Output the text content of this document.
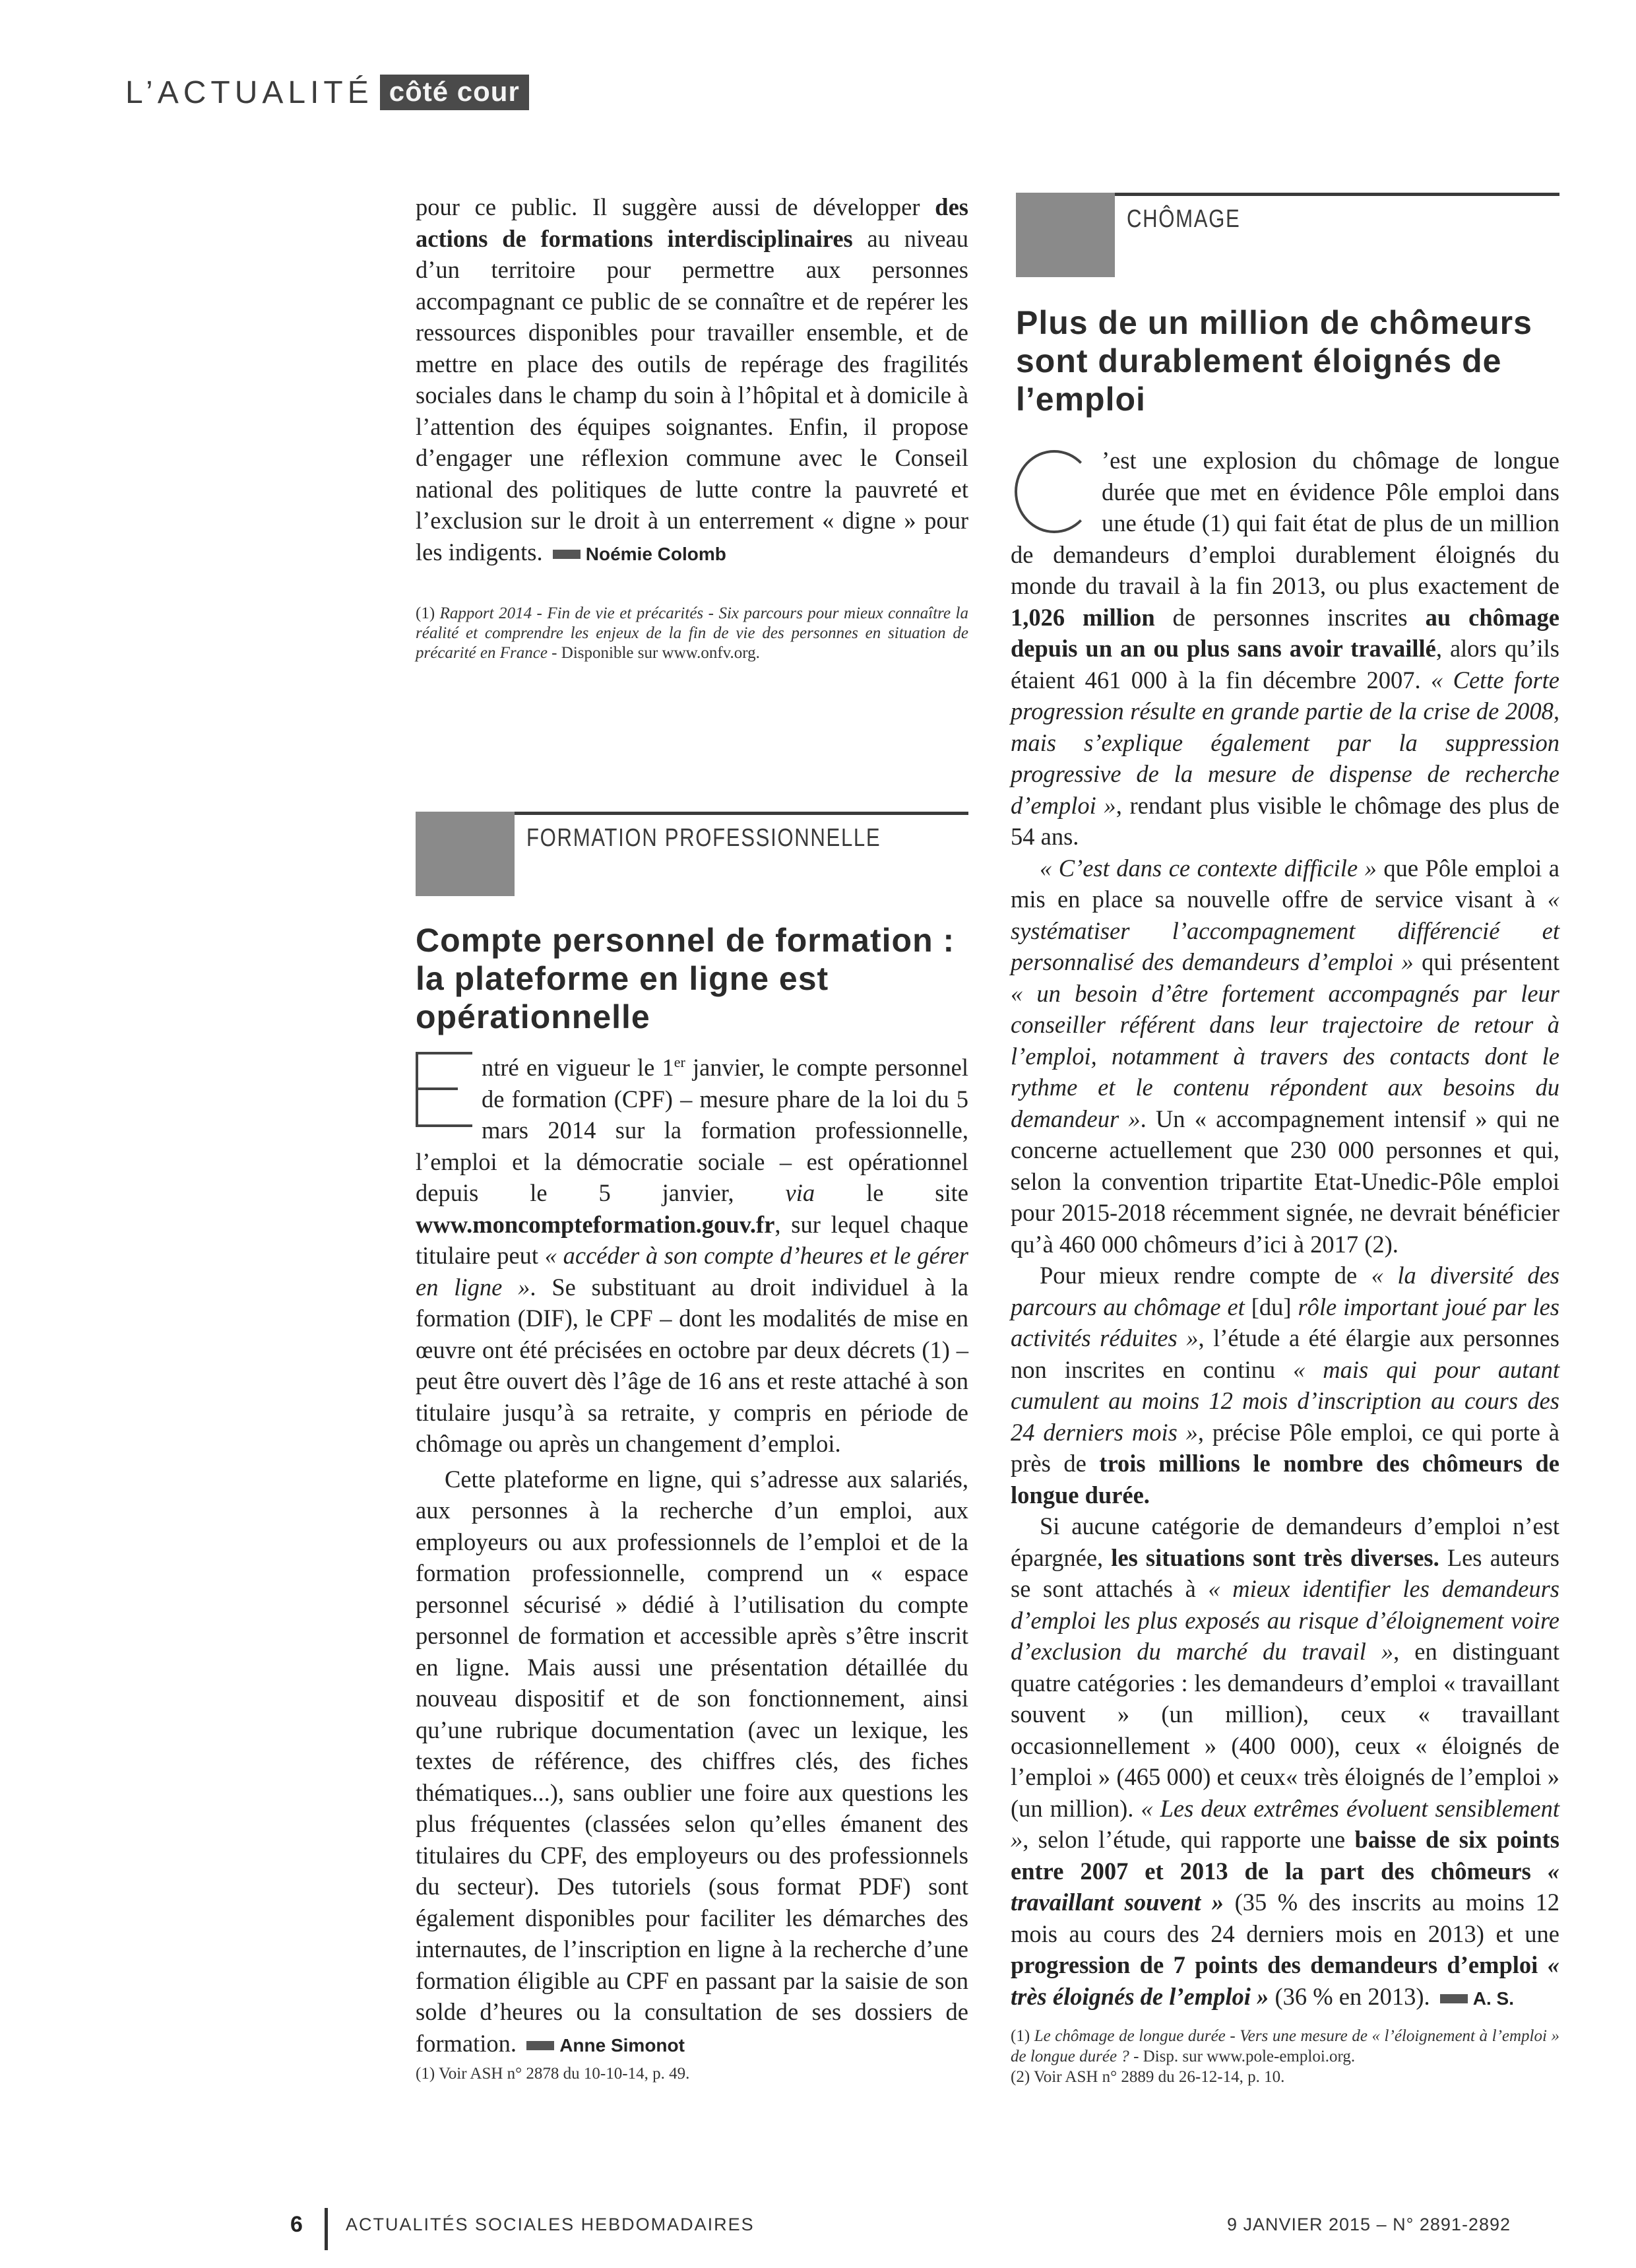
L’ACTUALITÉ côté cour

pour ce public. Il suggère aussi de développer des actions de formations interdisciplinaires au niveau d’un territoire pour permettre aux personnes accompagnant ce public de se connaître et de repérer les ressources disponibles pour travailler ensemble, et de mettre en place des outils de repérage des fragilités sociales dans le champ du soin à l’hôpital et à domicile à l’attention des équipes soignantes. Enfin, il propose d’engager une réflexion commune avec le Conseil national des politiques de lutte contre la pauvreté et l’exclusion sur le droit à un enterrement « digne » pour les indigents. Noémie Colomb

(1) Rapport 2014 - Fin de vie et précarités - Six parcours pour mieux connaître la réalité et comprendre les enjeux de la fin de vie des personnes en situation de précarité en France - Disponible sur www.onfv.org.

FORMATION PROFESSIONNELLE
Compte personnel de formation : la plateforme en ligne est opérationnelle

ntré en vigueur le 1er janvier, le compte personnel de formation (CPF) – mesure phare de la loi du 5 mars 2014 sur la formation professionnelle, l’emploi et la démocratie sociale – est opérationnel depuis le 5 janvier, via le site www.moncompteformation.gouv.fr, sur lequel chaque titulaire peut « accéder à son compte d’heures et le gérer en ligne ». Se substituant au droit individuel à la formation (DIF), le CPF – dont les modalités de mise en œuvre ont été précisées en octobre par deux décrets (1) – peut être ouvert dès l’âge de 16 ans et reste attaché à son titulaire jusqu’à sa retraite, y compris en période de chômage ou après un changement d’emploi.

Cette plateforme en ligne, qui s’adresse aux salariés, aux personnes à la recherche d’un emploi, aux employeurs ou aux professionnels de l’emploi et de la formation professionnelle, comprend un « espace personnel sécurisé » dédié à l’utilisation du compte personnel de formation et accessible après s’être inscrit en ligne. Mais aussi une présentation détaillée du nouveau dispositif et de son fonctionnement, ainsi qu’une rubrique documentation (avec un lexique, les textes de référence, des chiffres clés, des fiches thématiques...), sans oublier une foire aux questions les plus fréquentes (classées selon qu’elles émanent des titulaires du CPF, des employeurs ou des professionnels du secteur). Des tutoriels (sous format PDF) sont également disponibles pour faciliter les démarches des internautes, de l’inscription en ligne à la recherche d’une formation éligible au CPF en passant par la saisie de son solde d’heures ou la consultation de ses dossiers de formation. Anne Simonot

(1) Voir ASH n° 2878 du 10-10-14, p. 49.

CHÔMAGE
Plus de un million de chômeurs sont durablement éloignés de l’emploi

’est une explosion du chômage de longue durée que met en évidence Pôle emploi dans une étude (1) qui fait état de plus de un million de demandeurs d’emploi durablement éloignés du monde du travail à la fin 2013, ou plus exactement de 1,026 million de personnes inscrites au chômage depuis un an ou plus sans avoir travaillé, alors qu’ils étaient 461 000 à la fin décembre 2007. « Cette forte progression résulte en grande partie de la crise de 2008, mais s’explique également par la suppression progressive de la mesure de dispense de recherche d’emploi », rendant plus visible le chômage des plus de 54 ans.

« C’est dans ce contexte difficile » que Pôle emploi a mis en place sa nouvelle offre de service visant à « systématiser l’accompagnement différencié et personnalisé des demandeurs d’emploi » qui présentent « un besoin d’être fortement accompagnés par leur conseiller référent dans leur trajectoire de retour à l’emploi, notamment à travers des contacts dont le rythme et le contenu répondent aux besoins du demandeur ». Un « accompagnement intensif » qui ne concerne actuellement que 230 000 personnes et qui, selon la convention tripartite Etat-Unedic-Pôle emploi pour 2015-2018 récemment signée, ne devrait bénéficier qu’à 460 000 chômeurs d’ici à 2017 (2).

Pour mieux rendre compte de « la diversité des parcours au chômage et [du] rôle important joué par les activités réduites », l’étude a été élargie aux personnes non inscrites en continu « mais qui pour autant cumulent au moins 12 mois d’inscription au cours des 24 derniers mois », précise Pôle emploi, ce qui porte à près de trois millions le nombre des chômeurs de longue durée.

Si aucune catégorie de demandeurs d’emploi n’est épargnée, les situations sont très diverses. Les auteurs se sont attachés à « mieux identifier les demandeurs d’emploi les plus exposés au risque d’éloignement voire d’exclusion du marché du travail », en distinguant quatre catégories : les demandeurs d’emploi « travaillant souvent » (un million), ceux « travaillant occasionnellement » (400 000), ceux « éloignés de l’emploi » (465 000) et ceux« très éloignés de l’emploi » (un million). « Les deux extrêmes évoluent sensiblement », selon l’étude, qui rapporte une baisse de six points entre 2007 et 2013 de la part des chômeurs « travaillant souvent » (35 % des inscrits au moins 12 mois au cours des 24 derniers mois en 2013) et une progression de 7 points des demandeurs d’emploi « très éloignés de l’emploi » (36 % en 2013). A. S.

(1) Le chômage de longue durée - Vers une mesure de « l’éloignement à l’emploi » de longue durée ? - Disp. sur www.pole-emploi.org.

(2) Voir ASH n° 2889 du 26-12-14, p. 10.

6 ACTUALITÉS SOCIALES HEBDOMADAIRES	9 JANVIER 2015 – N° 2891-2892
